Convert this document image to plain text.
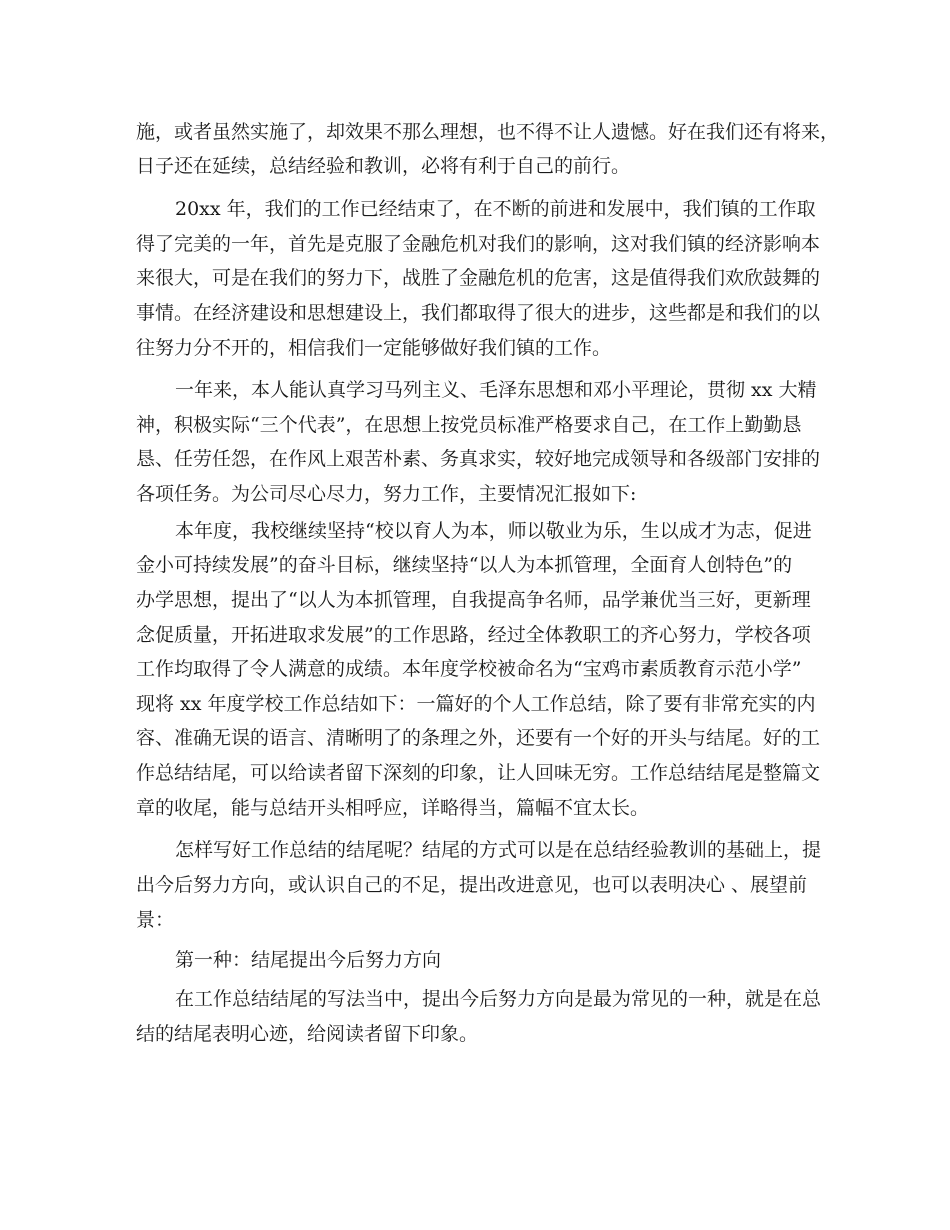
施，或者虽然实施了，却效果不那么理想，也不得不让人遗憾。好在我们还有将来，
日子还在延续，总结经验和教训，必将有利于自己的前行。
20xx 年，我们的工作已经结束了，在不断的前进和发展中，我们镇的工作取
得了完美的一年，首先是克服了金融危机对我们的影响，这对我们镇的经济影响本
来很大，可是在我们的努力下，战胜了金融危机的危害，这是值得我们欢欣鼓舞的
事情。在经济建设和思想建设上，我们都取得了很大的进步，这些都是和我们的以
往努力分不开的，相信我们一定能够做好我们镇的工作。
一年来，本人能认真学习马列主义、毛泽东思想和邓小平理论，贯彻 xx 大精
神，积极实际“三个代表”，在思想上按党员标准严格要求自己，在工作上勤勤恳
恳、任劳任怨，在作风上艰苦朴素、务真求实，较好地完成领导和各级部门安排的
各项任务。为公司尽心尽力，努力工作，主要情况汇报如下:
本年度，我校继续坚持“校以育人为本，师以敬业为乐，生以成才为志，促进
金小可持续发展”的奋斗目标，继续坚持“以人为本抓管理，全面育人创特色”的
办学思想，提出了“以人为本抓管理，自我提高争名师，品学兼优当三好，更新理
念促质量，开拓进取求发展”的工作思路，经过全体教职工的齐心努力，学校各项
工作均取得了令人满意的成绩。本年度学校被命名为“宝鸡市素质教育示范小学”
现将 xx 年度学校工作总结如下：一篇好的个人工作总结，除了要有非常充实的内
容、准确无误的语言、清晰明了的条理之外，还要有一个好的开头与结尾。好的工
作总结结尾，可以给读者留下深刻的印象，让人回味无穷。工作总结结尾是整篇文
章的收尾，能与总结开头相呼应，详略得当，篇幅不宜太长。
怎样写好工作总结的结尾呢？结尾的方式可以是在总结经验教训的基础上，提
出今后努力方向，或认识自己的不足，提出改进意见，也可以表明决心 、展望前
景：
第一种：结尾提出今后努力方向
在工作总结结尾的写法当中，提出今后努力方向是最为常见的一种，就是在总
结的结尾表明心迹，给阅读者留下印象。
